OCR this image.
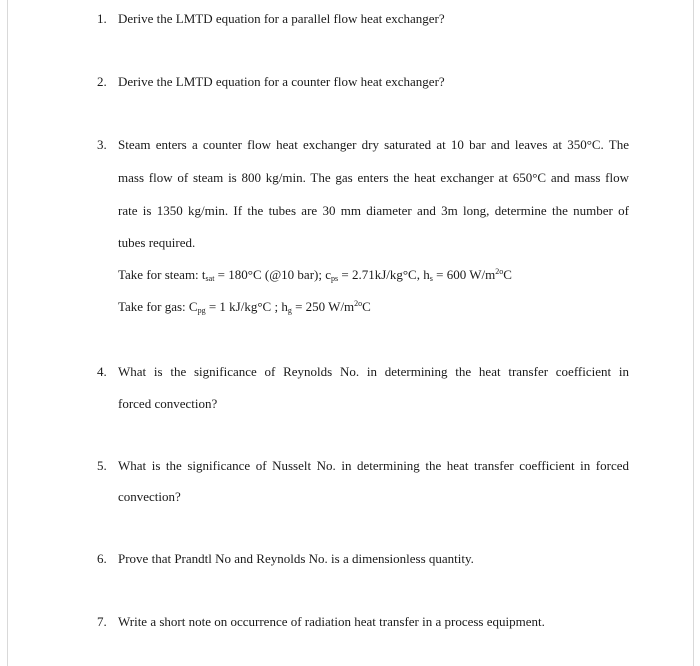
1. Derive the LMTD equation for a parallel flow heat exchanger?
2. Derive the LMTD equation for a counter flow heat exchanger?
3. Steam enters a counter flow heat exchanger dry saturated at 10 bar and leaves at 350°C. The
mass flow of steam is 800 kg/min. The gas enters the heat exchanger at 650°C and mass flow
rate is 1350 kg/min. If the tubes are 30 mm diameter and 3m long, determine the number of
tubes required.
Take for steam: $t_{sat} = 180^\circ C$ (@10 bar); $c_{ps} = 2.71kJ/kg^\circ C$, $h_s = 600$ $W/m^{2o}C$
Take for gas: $C_{pg} = 1$ kJ/kg°C ; $h_g = 250$ $W/m^{2o}C$
4. What is the significance of Reynolds No. in determining the heat transfer coefficient in
forced convection?
5. What is the significance of Nusselt No. in determining the heat transfer coefficient in forced
convection?
6. Prove that Prandtl No and Reynolds No. is a dimensionless quantity.
7. Write a short note on occurrence of radiation heat transfer in a process equipment.
